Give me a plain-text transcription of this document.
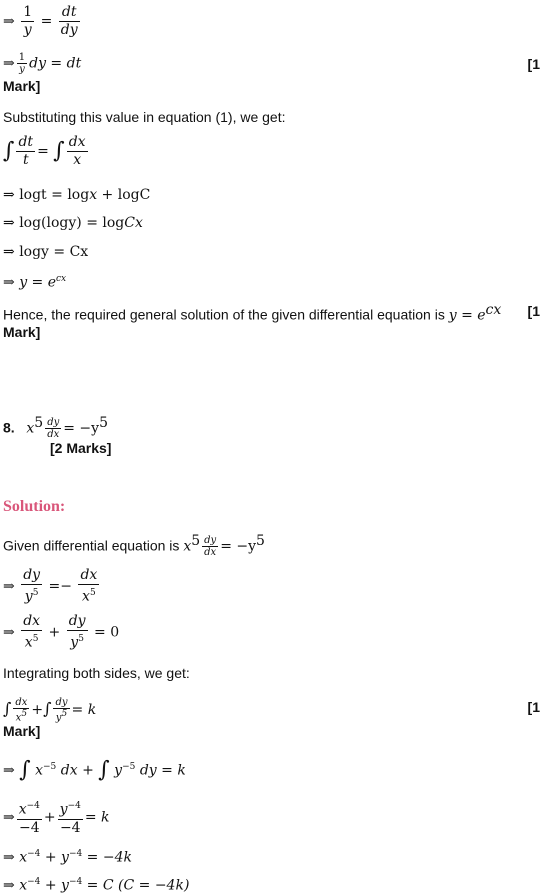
⇒ $\frac{1}{y} = \frac{dt}{dy}$
⇒ $\frac{1}{y}$ dy = dt	[1
Mark]
Substituting this value in equation (1), we get:
∫ $\frac{dt}{t}$ = ∫ $\frac{dx}{x}$
⇒ logt = logx + logC
⇒ log(logy) = logCx
⇒ logy = Cx
⇒ $y = e^{cx}$
Hence, the required general solution of the given differential equation is $y = e^{cx}$ [1
Mark]
8. $x^5 \frac{dy}{dx} = -y^5$
[2 Marks]
Solution:
Given differential equation is $x^5 \frac{dy}{dx} = -y^5$
⇒ $\frac{dy}{y^5} =- \frac{dx}{x^5}$
⇒ $\frac{dx}{x^5} + \frac{dy}{y^5} = 0$
Integrating both sides, we get:
∫ $\frac{dx}{x^5}$ +∫ $\frac{dy}{y^5} = k$	[1
Mark]
⇒ ∫ $x^{-5}$ dx + ∫ $y^{-5}$ dy = k
⇒ $\frac{x^{-4}}{-4} + \frac{y^{-4}}{-4} = k$
⇒ $x^{-4} + y^{-4} = -4k$
⇒ $x^{-4} + y^{-4} = C$ (C = −4k)
